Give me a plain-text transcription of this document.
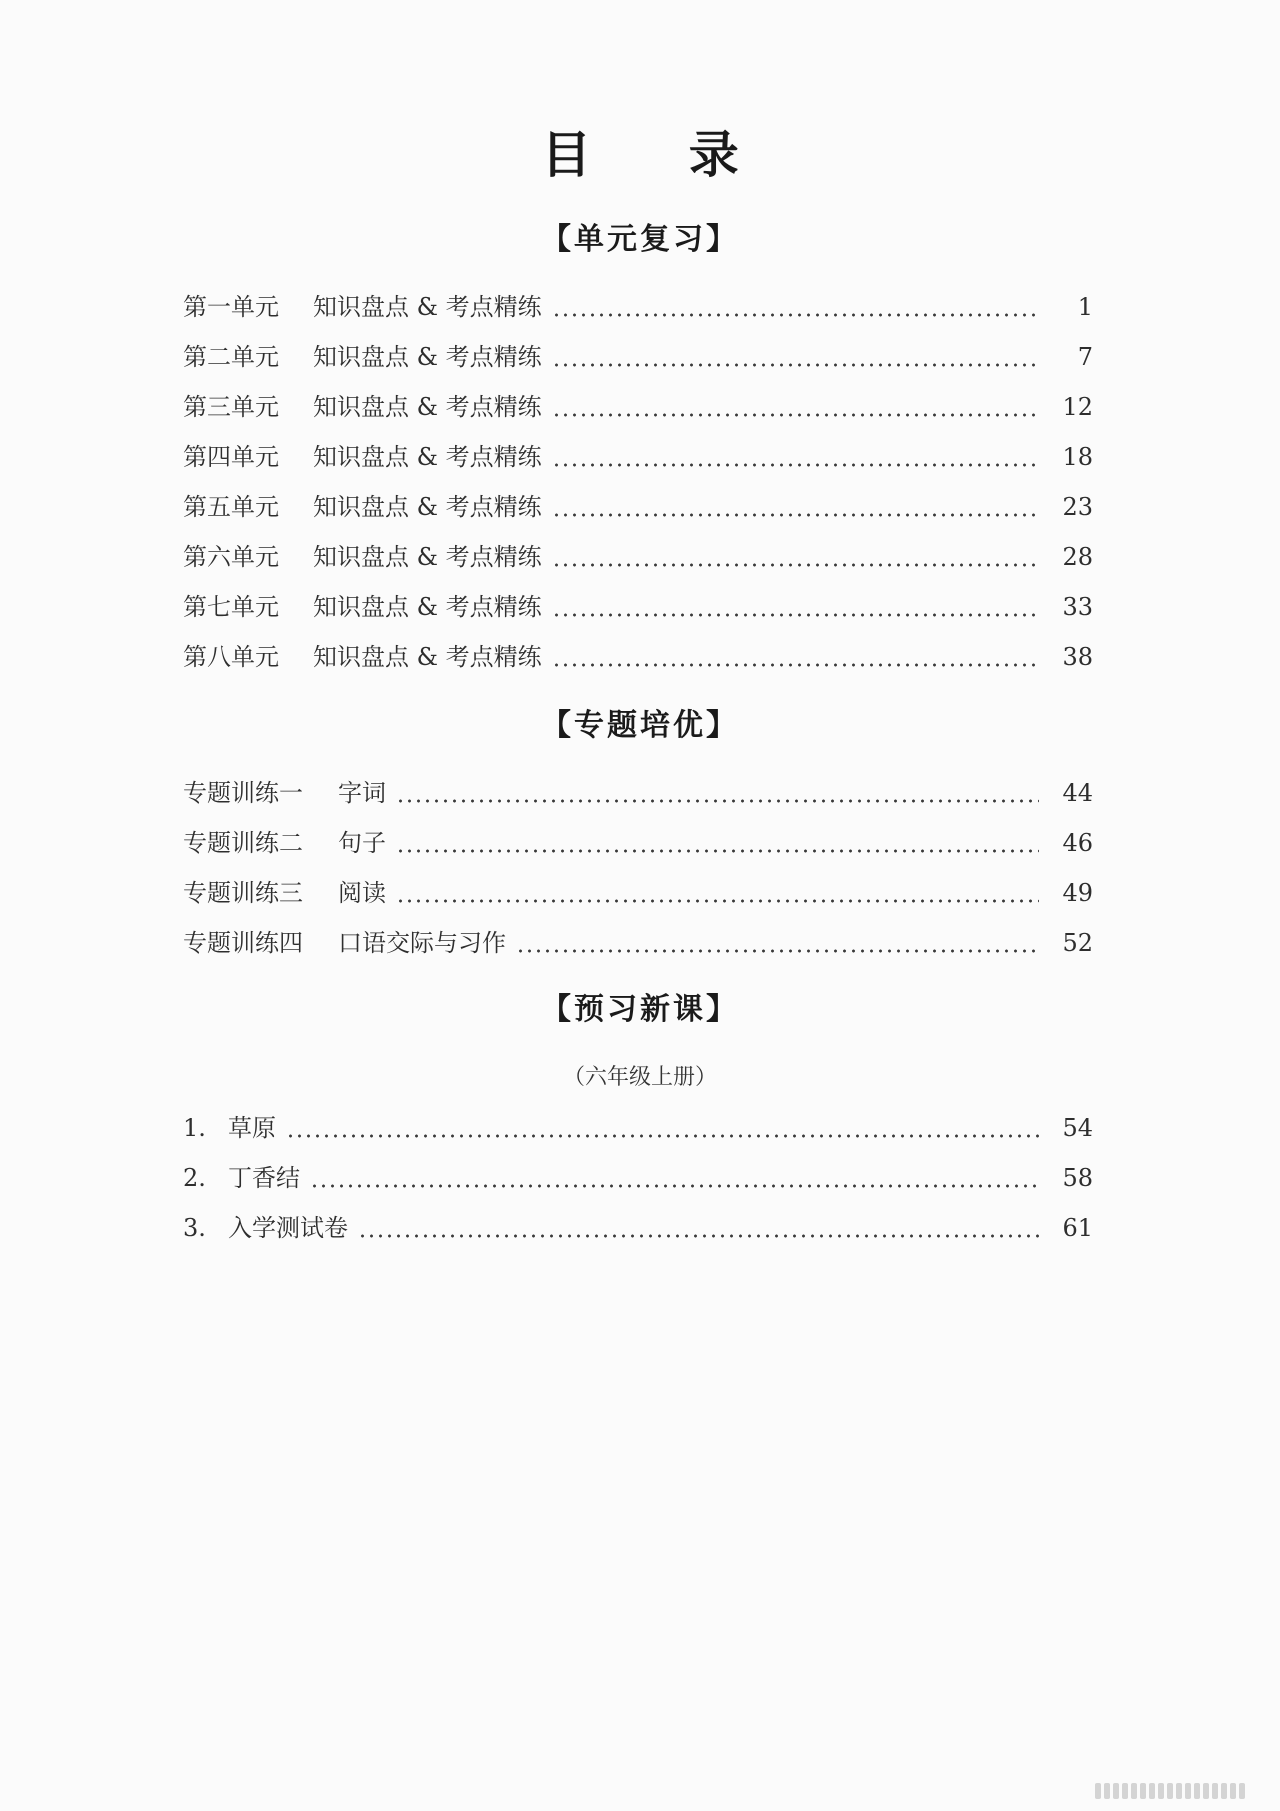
目 录
【单元复习】
第一单元	知识盘点 & 考点精练	1
第二单元	知识盘点 & 考点精练	7
第三单元	知识盘点 & 考点精练	12
第四单元	知识盘点 & 考点精练	18
第五单元	知识盘点 & 考点精练	23
第六单元	知识盘点 & 考点精练	28
第七单元	知识盘点 & 考点精练	33
第八单元	知识盘点 & 考点精练	38
【专题培优】
专题训练一	字词	44
专题训练二	句子	46
专题训练三	阅读	49
专题训练四	口语交际与习作	52
【预习新课】
（六年级上册）
1. 草原	54
2. 丁香结	58
3. 入学测试卷	61
